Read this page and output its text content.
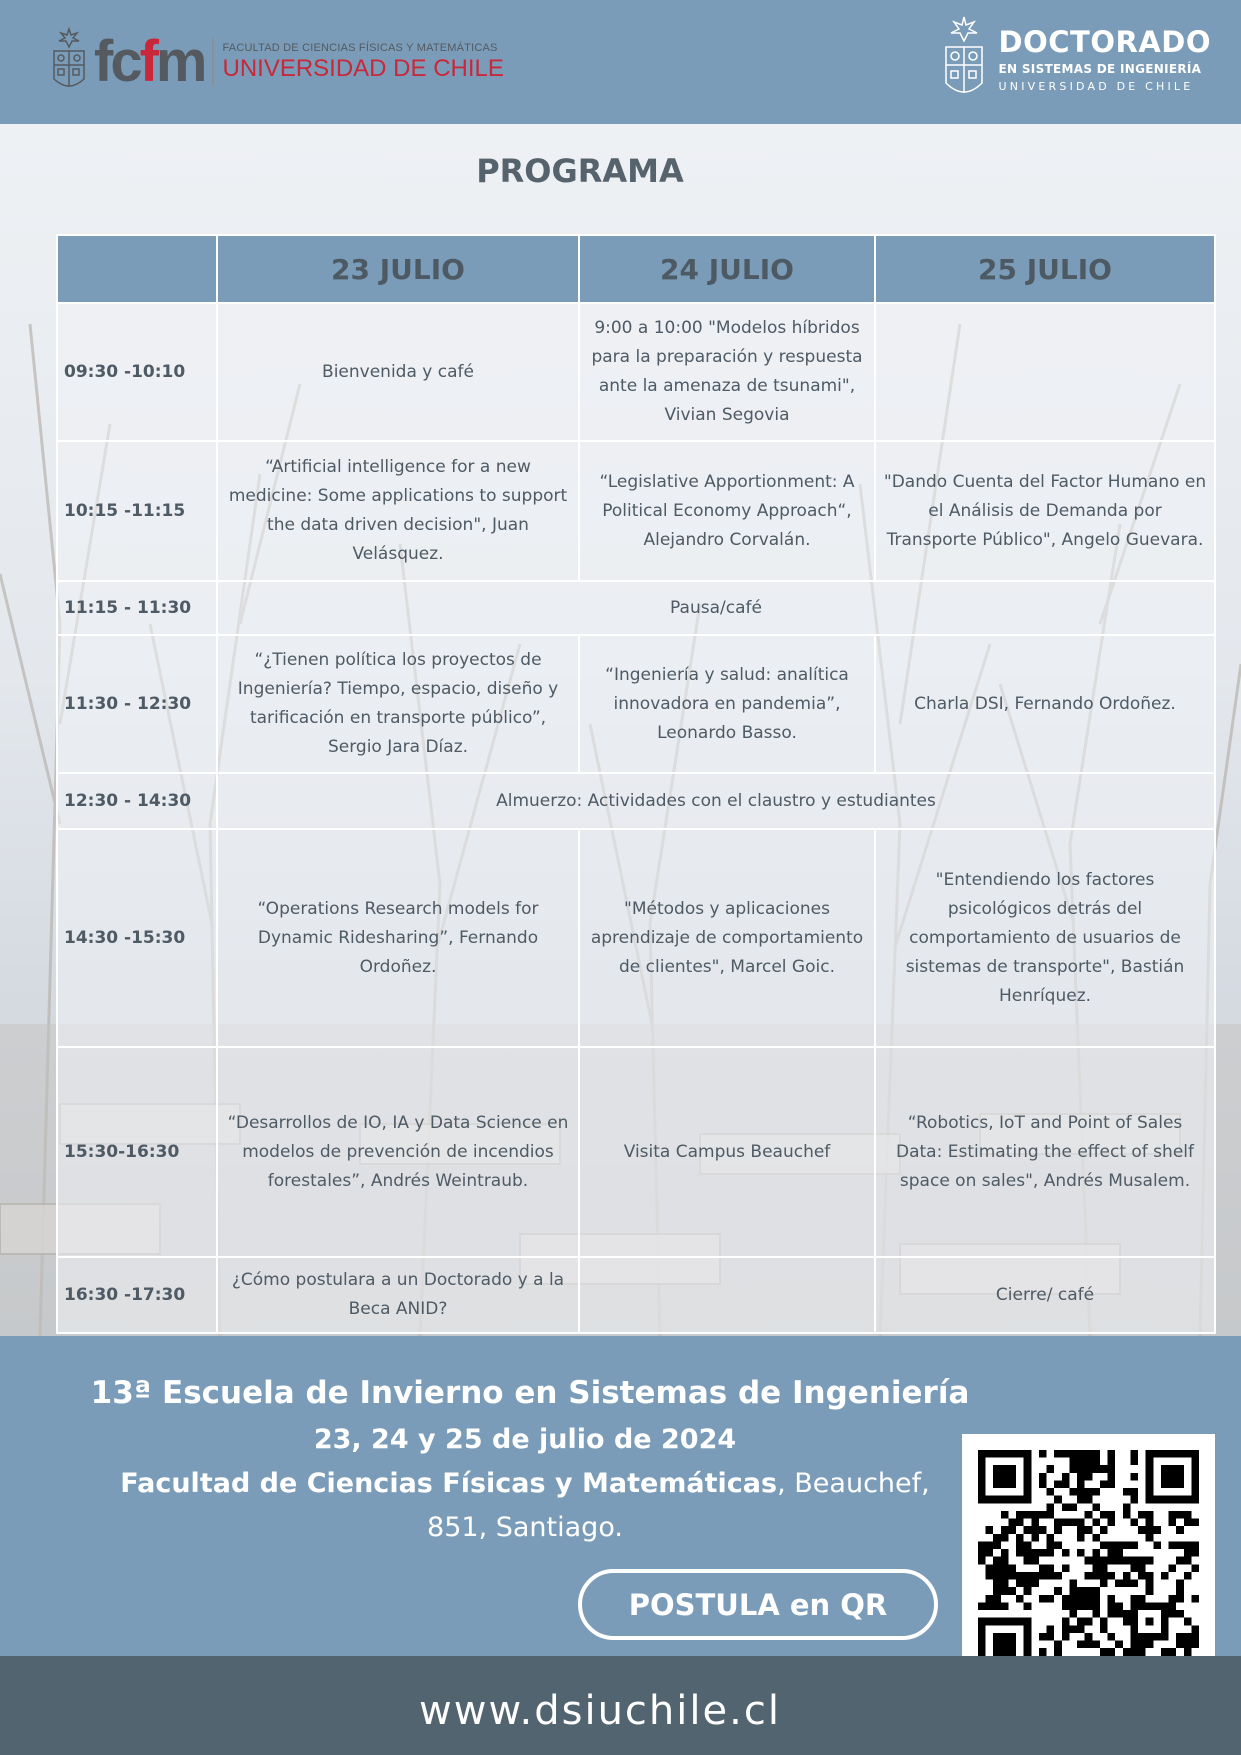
fcfm FACULTAD DE CIENCIAS FÍSICAS Y MATEMÁTICAS
UNIVERSIDAD DE CHILE
DOCTORADO
EN SISTEMAS DE INGENIERÍA
UNIVERSIDAD DE CHILE
PROGRAMA
	23 JULIO	24 JULIO	25 JULIO
09:30 -10:10	Bienvenida y café	9:00 a 10:00 "Modelos híbridos para la preparación y respuesta ante la amenaza de tsunami", Vivian Segovia	
10:15 -11:15	“Artificial intelligence for a new medicine: Some applications to support the data driven decision", Juan Velásquez.	“Legislative Apportionment: A Political Economy Approach“, Alejandro Corvalán.	"Dando Cuenta del Factor Humano en el Análisis de Demanda por Transporte Público", Angelo Guevara.
11:15 - 11:30	Pausa/café		
11:30 - 12:30	“¿Tienen política los proyectos de Ingeniería? Tiempo, espacio, diseño y tarificación en transporte público”, Sergio Jara Díaz.	“Ingeniería y salud: analítica innovadora en pandemia”, Leonardo Basso.	Charla DSI, Fernando Ordoñez.
12:30 - 14:30	Almuerzo: Actividades con el claustro y estudiantes		
14:30 -15:30	“Operations Research models for Dynamic Ridesharing”, Fernando Ordoñez.	"Métodos y aplicaciones aprendizaje de comportamiento de clientes", Marcel Goic.	"Entendiendo los factores psicológicos detrás del comportamiento de usuarios de sistemas de transporte", Bastián Henríquez.
15:30-16:30	“Desarrollos de IO, IA y Data Science en modelos de prevención de incendios forestales”, Andrés Weintraub.	Visita Campus Beauchef	“Robotics, IoT and Point of Sales Data: Estimating the effect of shelf space on sales", Andrés Musalem.
16:30 -17:30	¿Cómo postulara a un Doctorado y a la Beca ANID?		Cierre/ café
13ª Escuela de Invierno en Sistemas de Ingeniería
23, 24 y 25 de julio de 2024
Facultad de Ciencias Físicas y Matemáticas, Beauchef,
851, Santiago.
POSTULA en QR
www.dsiuchile.cl
